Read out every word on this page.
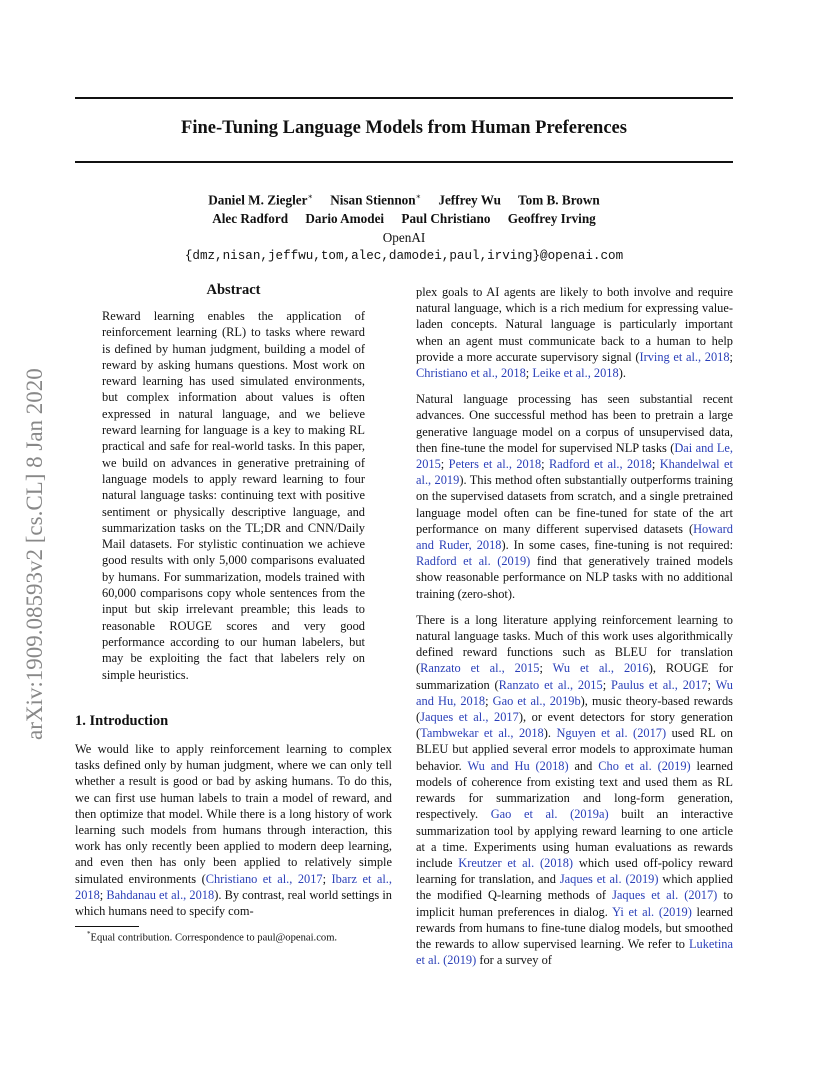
Fine-Tuning Language Models from Human Preferences
Daniel M. Ziegler∗ Nisan Stiennon∗ Jeffrey Wu Tom B. Brown
Alec Radford Dario Amodei Paul Christiano Geoffrey Irving
OpenAI
{dmz,nisan,jeffwu,tom,alec,damodei,paul,irving}@openai.com
arXiv:1909.08593v2 [cs.CL] 8 Jan 2020
Abstract
Reward learning enables the application of reinforcement learning (RL) to tasks where reward is defined by human judgment, building a model of reward by asking humans questions. Most work on reward learning has used simulated environments, but complex information about values is often expressed in natural language, and we believe reward learning for language is a key to making RL practical and safe for real-world tasks. In this paper, we build on advances in generative pretraining of language models to apply reward learning to four natural language tasks: continuing text with positive sentiment or physically descriptive language, and summarization tasks on the TL;DR and CNN/Daily Mail datasets. For stylistic continuation we achieve good results with only 5,000 comparisons evaluated by humans. For summarization, models trained with 60,000 comparisons copy whole sentences from the input but skip irrelevant preamble; this leads to reasonable ROUGE scores and very good performance according to our human labelers, but may be exploiting the fact that labelers rely on simple heuristics.
1. Introduction
We would like to apply reinforcement learning to complex tasks defined only by human judgment, where we can only tell whether a result is good or bad by asking humans. To do this, we can first use human labels to train a model of reward, and then optimize that model. While there is a long history of work learning such models from humans through interaction, this work has only recently been applied to modern deep learning, and even then has only been applied to relatively simple simulated environments (Christiano et al., 2017; Ibarz et al., 2018; Bahdanau et al., 2018). By contrast, real world settings in which humans need to specify com-
*Equal contribution. Correspondence to paul@openai.com.

plex goals to AI agents are likely to both involve and require natural language, which is a rich medium for expressing value-laden concepts. Natural language is particularly important when an agent must communicate back to a human to help provide a more accurate supervisory signal (Irving et al., 2018; Christiano et al., 2018; Leike et al., 2018).

Natural language processing has seen substantial recent advances. One successful method has been to pretrain a large generative language model on a corpus of unsupervised data, then fine-tune the model for supervised NLP tasks (Dai and Le, 2015; Peters et al., 2018; Radford et al., 2018; Khandelwal et al., 2019). This method often substantially outperforms training on the supervised datasets from scratch, and a single pretrained language model often can be fine-tuned for state of the art performance on many different supervised datasets (Howard and Ruder, 2018). In some cases, fine-tuning is not required: Radford et al. (2019) find that generatively trained models show reasonable performance on NLP tasks with no additional training (zero-shot).

There is a long literature applying reinforcement learning to natural language tasks. Much of this work uses algorithmically defined reward functions such as BLEU for translation (Ranzato et al., 2015; Wu et al., 2016), ROUGE for summarization (Ranzato et al., 2015; Paulus et al., 2017; Wu and Hu, 2018; Gao et al., 2019b), music theory-based rewards (Jaques et al., 2017), or event detectors for story generation (Tambwekar et al., 2018). Nguyen et al. (2017) used RL on BLEU but applied several error models to approximate human behavior. Wu and Hu (2018) and Cho et al. (2019) learned models of coherence from existing text and used them as RL rewards for summarization and long-form generation, respectively. Gao et al. (2019a) built an interactive summarization tool by applying reward learning to one article at a time. Experiments using human evaluations as rewards include Kreutzer et al. (2018) which used off-policy reward learning for translation, and Jaques et al. (2019) which applied the modified Q-learning methods of Jaques et al. (2017) to implicit human preferences in dialog. Yi et al. (2019) learned rewards from humans to fine-tune dialog models, but smoothed the rewards to allow supervised learning. We refer to Luketina et al. (2019) for a survey of
